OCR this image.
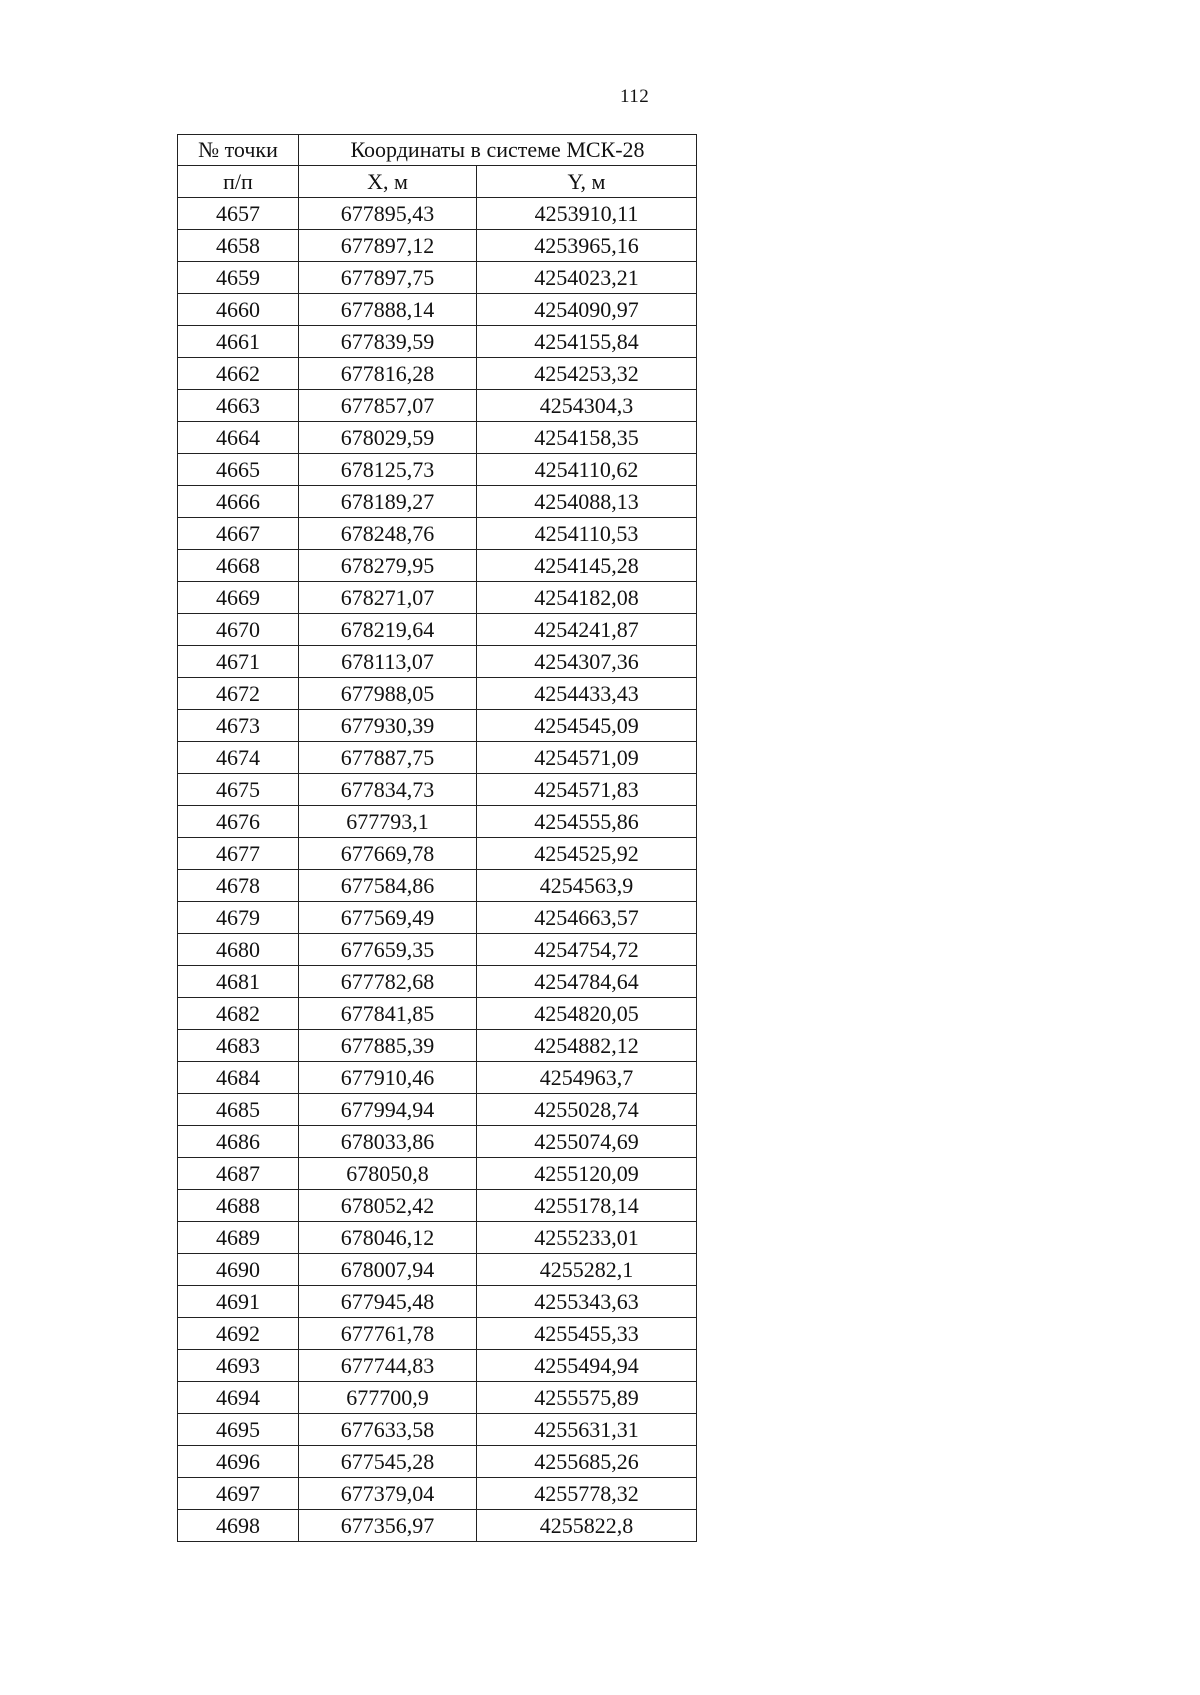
112
№ точки	Координаты в системе МСК-28	
п/п	X, м	Y, м
4657	677895,43	4253910,11
4658	677897,12	4253965,16
4659	677897,75	4254023,21
4660	677888,14	4254090,97
4661	677839,59	4254155,84
4662	677816,28	4254253,32
4663	677857,07	4254304,3
4664	678029,59	4254158,35
4665	678125,73	4254110,62
4666	678189,27	4254088,13
4667	678248,76	4254110,53
4668	678279,95	4254145,28
4669	678271,07	4254182,08
4670	678219,64	4254241,87
4671	678113,07	4254307,36
4672	677988,05	4254433,43
4673	677930,39	4254545,09
4674	677887,75	4254571,09
4675	677834,73	4254571,83
4676	677793,1	4254555,86
4677	677669,78	4254525,92
4678	677584,86	4254563,9
4679	677569,49	4254663,57
4680	677659,35	4254754,72
4681	677782,68	4254784,64
4682	677841,85	4254820,05
4683	677885,39	4254882,12
4684	677910,46	4254963,7
4685	677994,94	4255028,74
4686	678033,86	4255074,69
4687	678050,8	4255120,09
4688	678052,42	4255178,14
4689	678046,12	4255233,01
4690	678007,94	4255282,1
4691	677945,48	4255343,63
4692	677761,78	4255455,33
4693	677744,83	4255494,94
4694	677700,9	4255575,89
4695	677633,58	4255631,31
4696	677545,28	4255685,26
4697	677379,04	4255778,32
4698	677356,97	4255822,8
